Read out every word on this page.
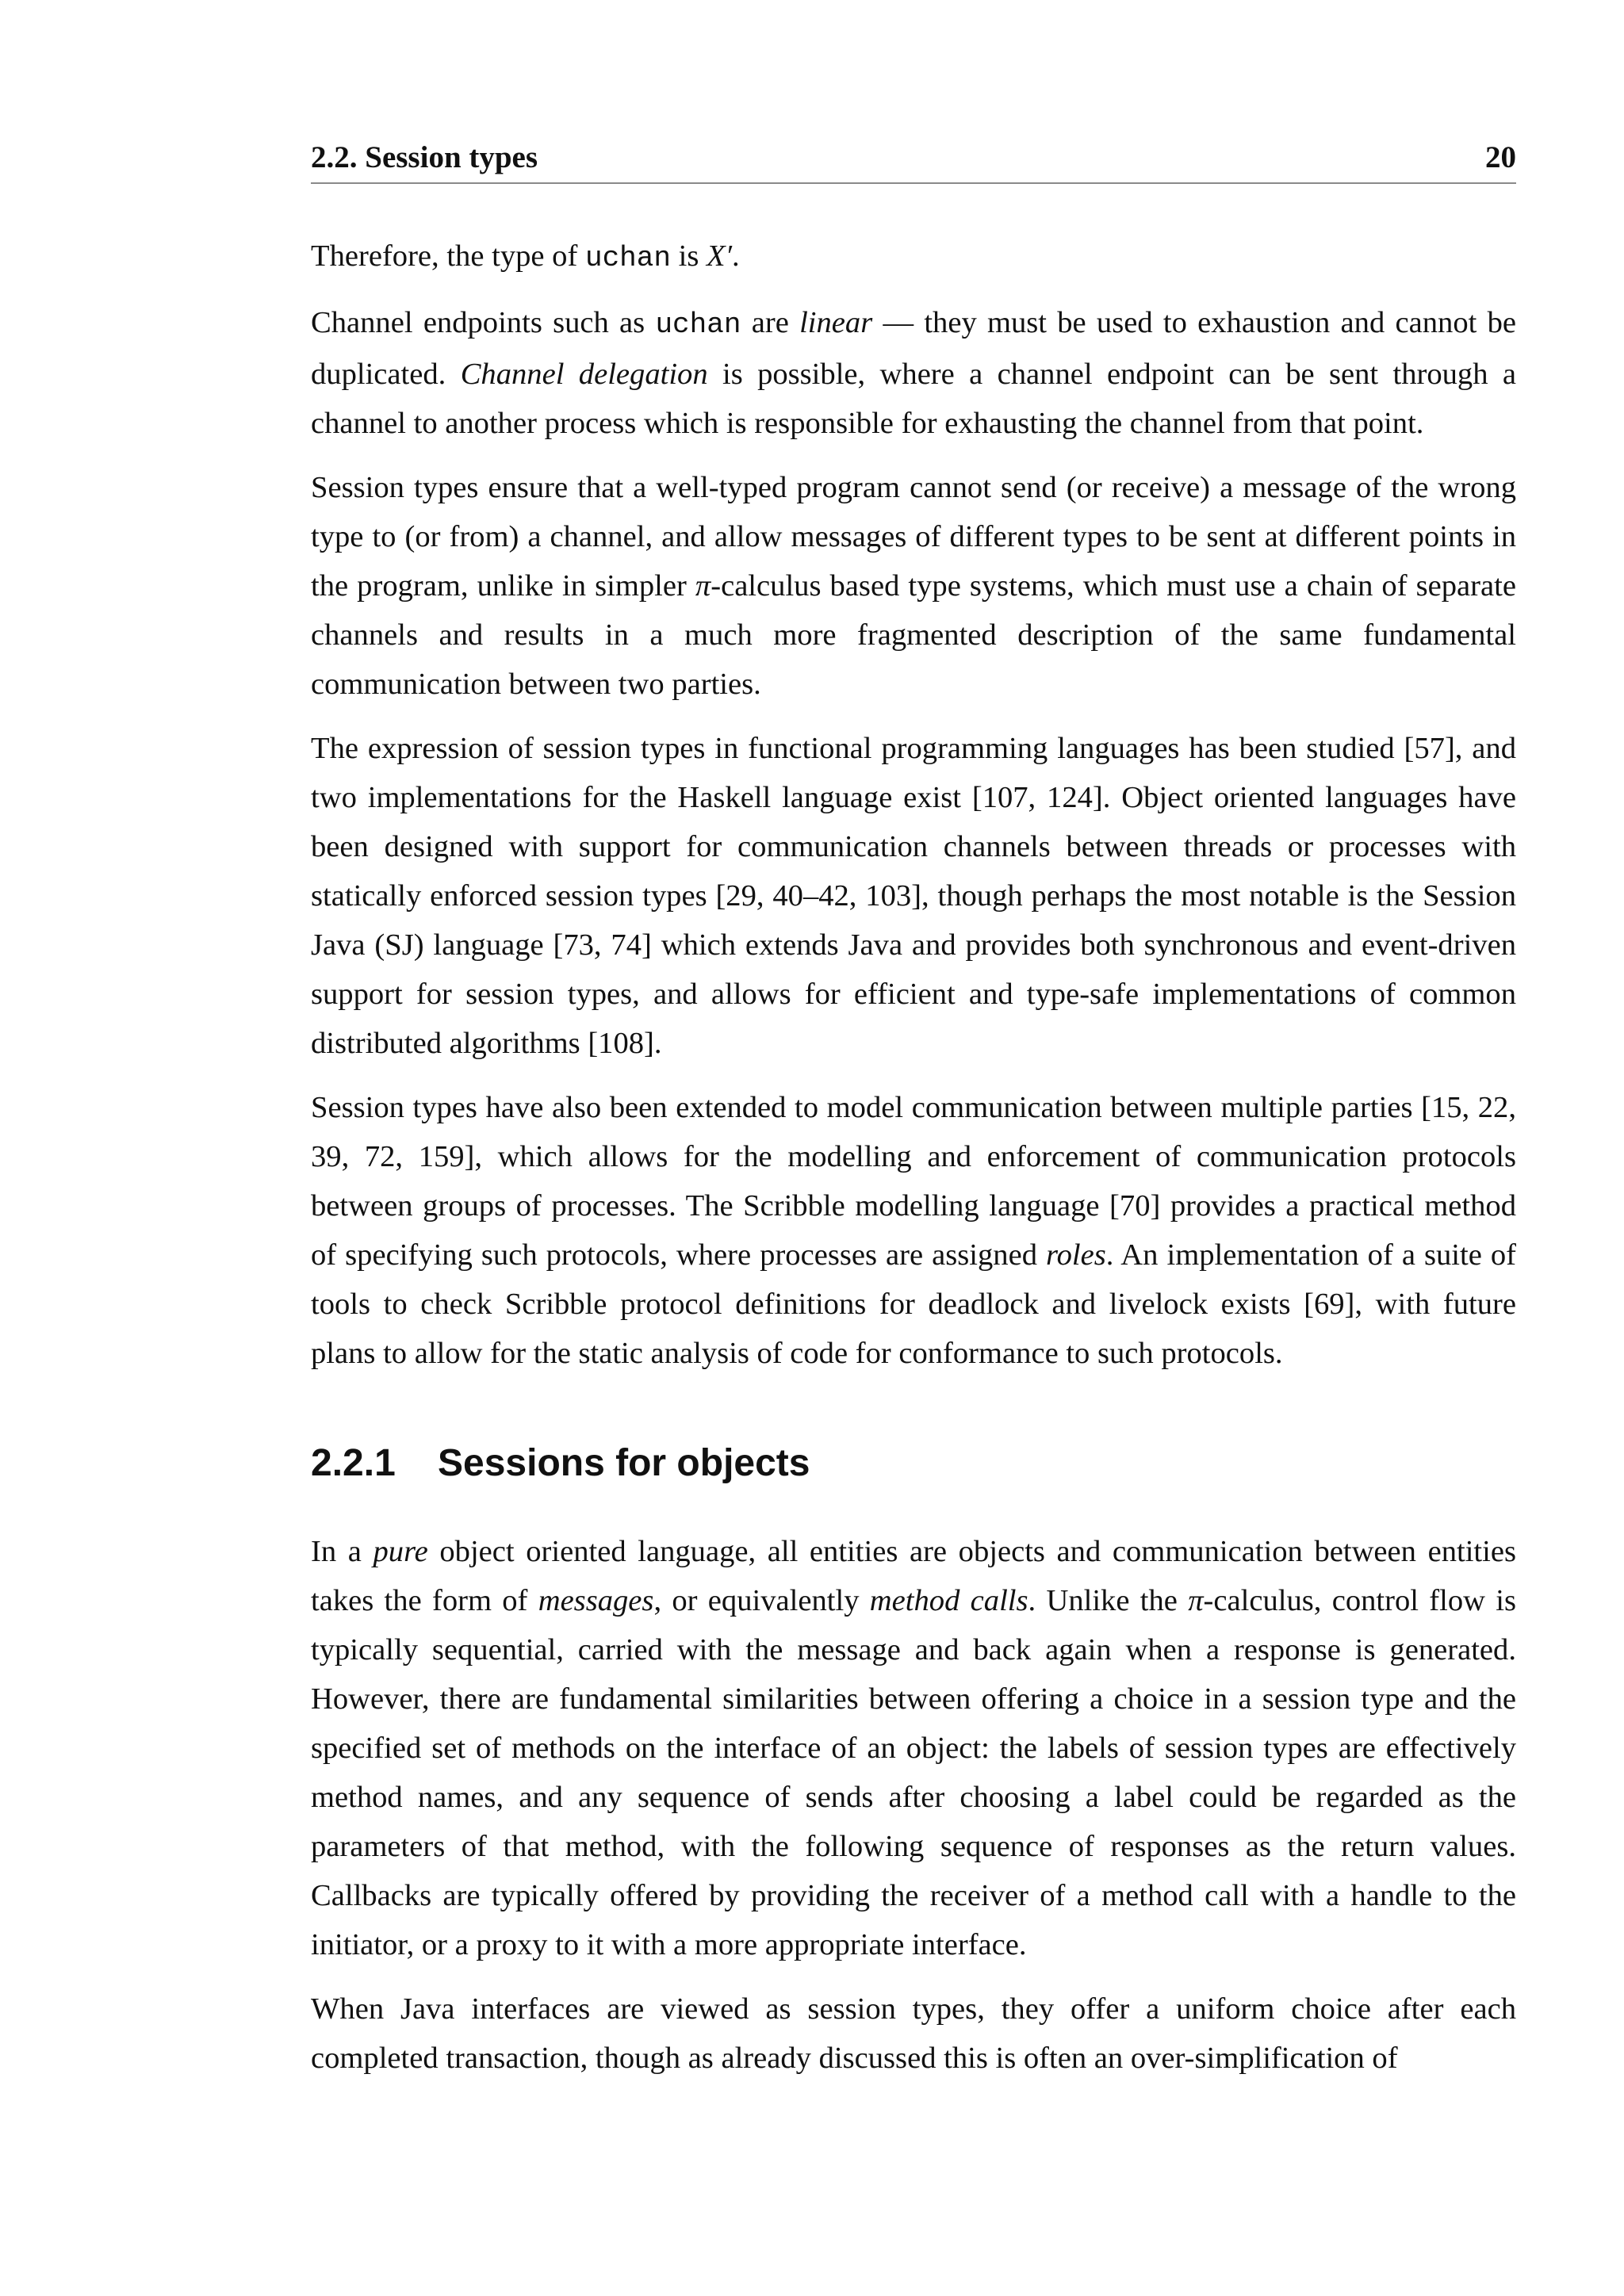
2.2. Session types	20

Therefore, the type of uchan is X′.

Channel endpoints such as uchan are linear — they must be used to exhaustion and cannot be duplicated. Channel delegation is possible, where a channel endpoint can be sent through a channel to another process which is responsible for exhausting the channel from that point.

Session types ensure that a well-typed program cannot send (or receive) a message of the wrong type to (or from) a channel, and allow messages of different types to be sent at different points in the program, unlike in simpler π-calculus based type systems, which must use a chain of separate channels and results in a much more fragmented description of the same fundamental communication between two parties.

The expression of session types in functional programming languages has been studied [57], and two implementations for the Haskell language exist [107, 124]. Object oriented languages have been designed with support for communication channels between threads or processes with statically enforced session types [29, 40–42, 103], though perhaps the most notable is the Session Java (SJ) language [73, 74] which extends Java and provides both synchronous and event-driven support for session types, and allows for efficient and type-safe implementations of common distributed algorithms [108].

Session types have also been extended to model communication between multiple parties [15, 22, 39, 72, 159], which allows for the modelling and enforcement of communication protocols between groups of processes. The Scribble modelling language [70] provides a practical method of specifying such protocols, where processes are assigned roles. An implementation of a suite of tools to check Scribble protocol definitions for deadlock and livelock exists [69], with future plans to allow for the static analysis of code for conformance to such protocols.

2.2.1 Sessions for objects

In a pure object oriented language, all entities are objects and communication between entities takes the form of messages, or equivalently method calls. Unlike the π-calculus, control flow is typically sequential, carried with the message and back again when a response is generated. However, there are fundamental similarities between offering a choice in a session type and the specified set of methods on the interface of an object: the labels of session types are effectively method names, and any sequence of sends after choosing a label could be regarded as the parameters of that method, with the following sequence of responses as the return values. Callbacks are typically offered by providing the receiver of a method call with a handle to the initiator, or a proxy to it with a more appropriate interface.

When Java interfaces are viewed as session types, they offer a uniform choice after each completed transaction, though as already discussed this is often an over-simplification of
